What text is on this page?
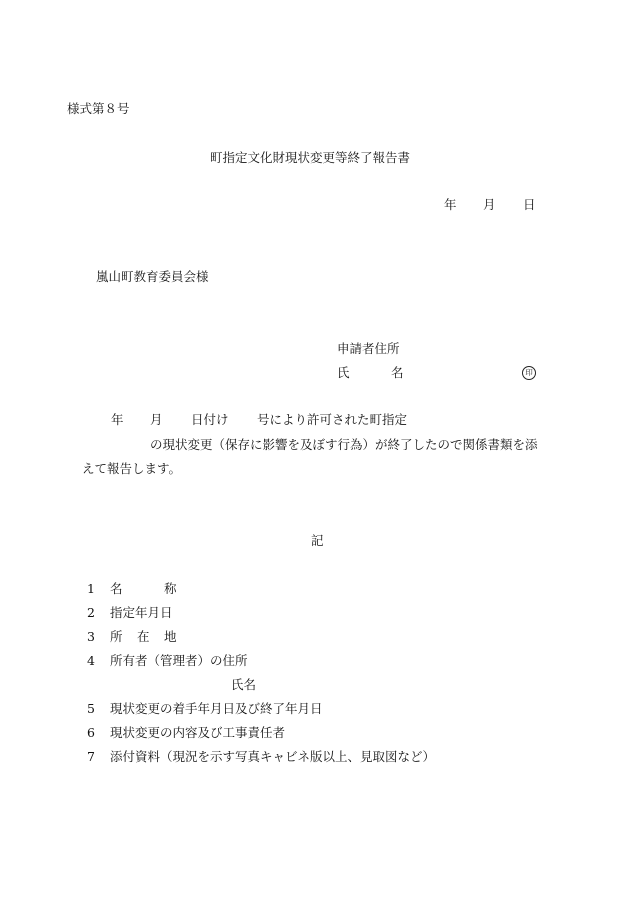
様式第８号
町指定文化財現状変更等終了報告書
年 月 日
嵐山町教育委員会様
申請者住所
氏	名	印
年 月 日付け 号により許可された町指定
の現状変更（保存に影響を及ぼす行為）が終了したので関係書類を添
えて報告します。
記
1 名	称
2 指定年月日
3 所 在 地
4 所有者（管理者）の住所
氏名
5 現状変更の着手年月日及び終了年月日
6 現状変更の内容及び工事責任者
7 添付資料（現況を示す写真キャビネ版以上、見取図など）
